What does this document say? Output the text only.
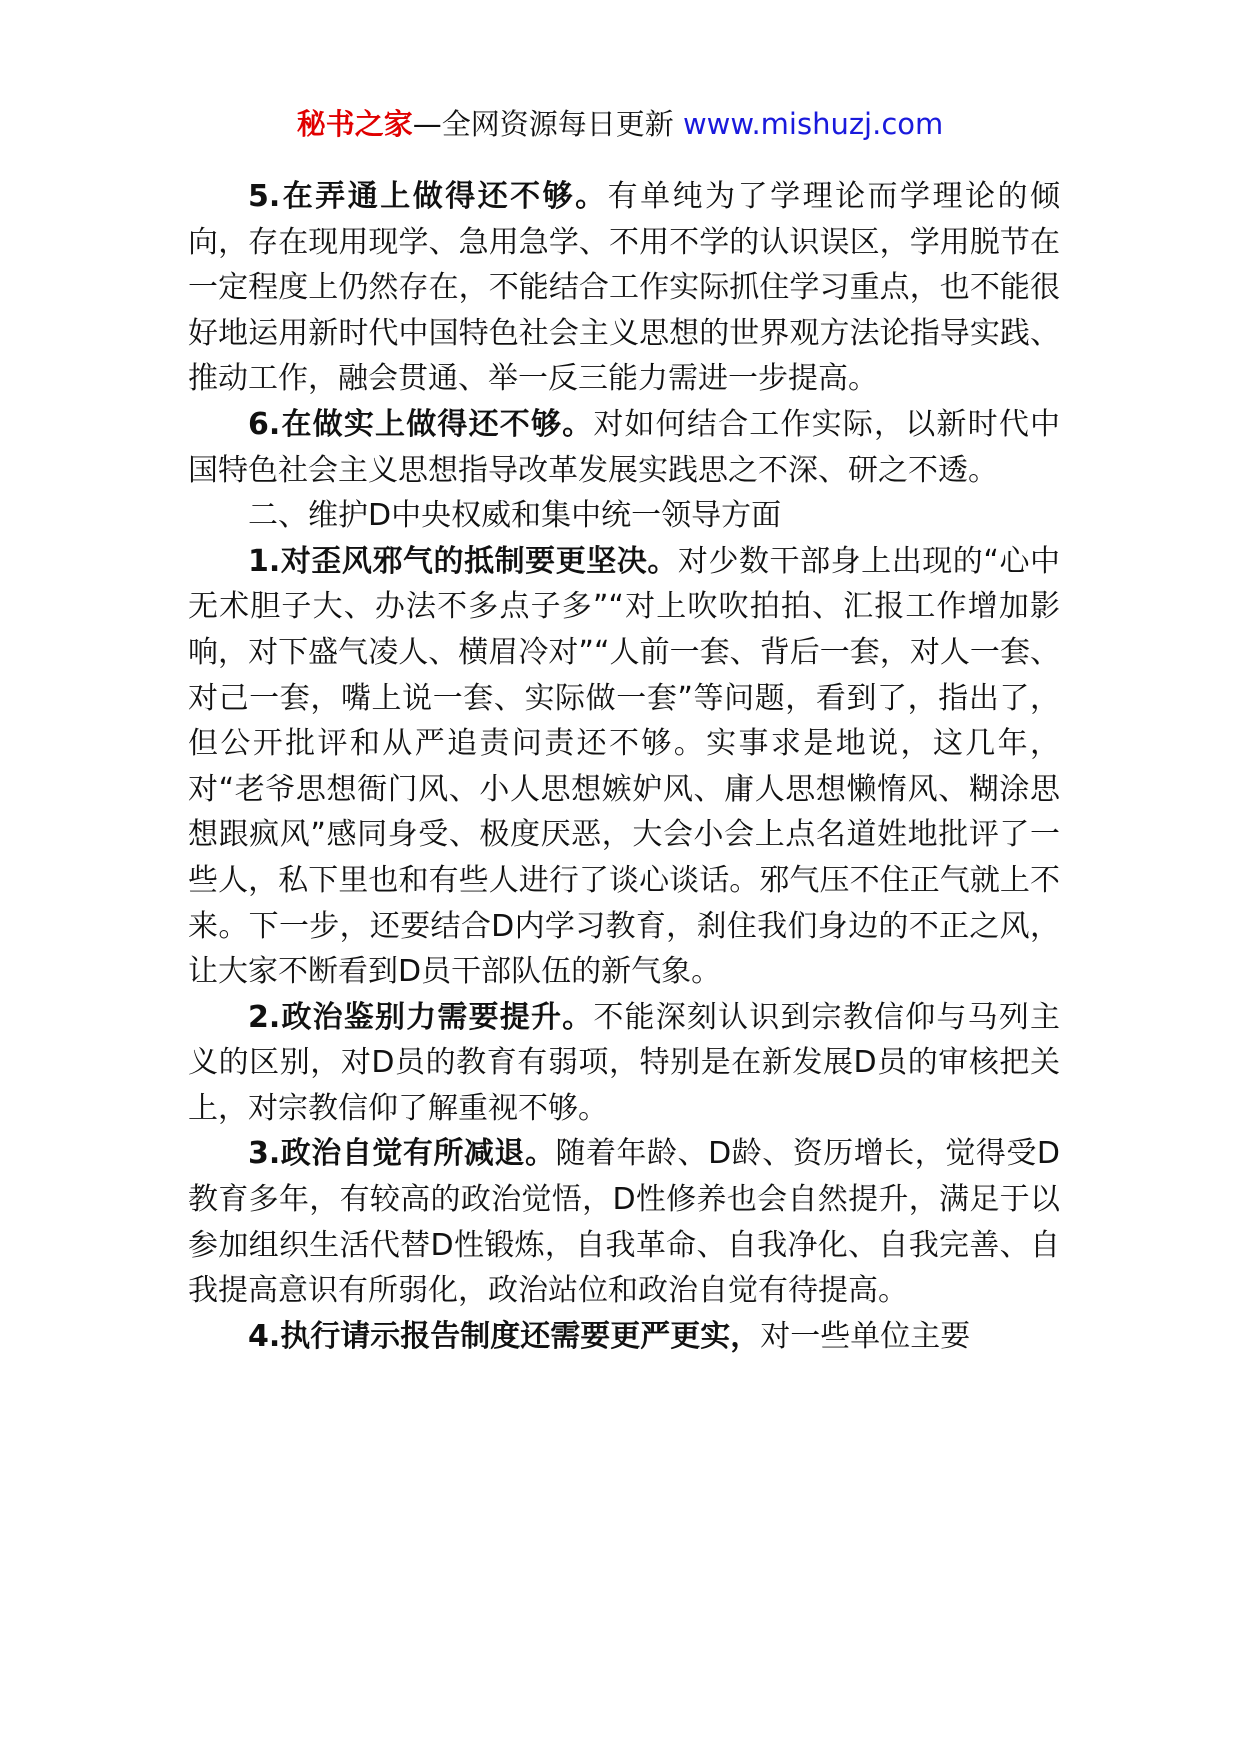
秘书之家—全网资源每日更新 www.mishuzj.com

5.在弄通上做得还不够。有单纯为了学理论而学理论的倾向，存在现用现学、急用急学、不用不学的认识误区，学用脱节在一定程度上仍然存在，不能结合工作实际抓住学习重点，也不能很好地运用新时代中国特色社会主义思想的世界观方法论指导实践、推动工作，融会贯通、举一反三能力需进一步提高。

6.在做实上做得还不够。对如何结合工作实际，以新时代中国特色社会主义思想指导改革发展实践思之不深、研之不透。

二、维护D中央权威和集中统一领导方面

1.对歪风邪气的抵制要更坚决。对少数干部身上出现的“心中无术胆子大、办法不多点子多”“对上吹吹拍拍、汇报工作增加影响，对下盛气凌人、横眉冷对”“人前一套、背后一套，对人一套、对己一套，嘴上说一套、实际做一套”等问题，看到了，指出了，但公开批评和从严追责问责还不够。实事求是地说，这几年，对“老爷思想衙门风、小人思想嫉妒风、庸人思想懒惰风、糊涂思想跟疯风”感同身受、极度厌恶，大会小会上点名道姓地批评了一些人，私下里也和有些人进行了谈心谈话。邪气压不住正气就上不来。下一步，还要结合D内学习教育，刹住我们身边的不正之风，让大家不断看到D员干部队伍的新气象。

2.政治鉴别力需要提升。不能深刻认识到宗教信仰与马列主义的区别，对D员的教育有弱项，特别是在新发展D员的审核把关上，对宗教信仰了解重视不够。

3.政治自觉有所减退。随着年龄、D龄、资历增长，觉得受D教育多年，有较高的政治觉悟，D性修养也会自然提升，满足于以参加组织生活代替D性锻炼，自我革命、自我净化、自我完善、自我提高意识有所弱化，政治站位和政治自觉有待提高。

4.执行请示报告制度还需要更严更实，对一些单位主要
